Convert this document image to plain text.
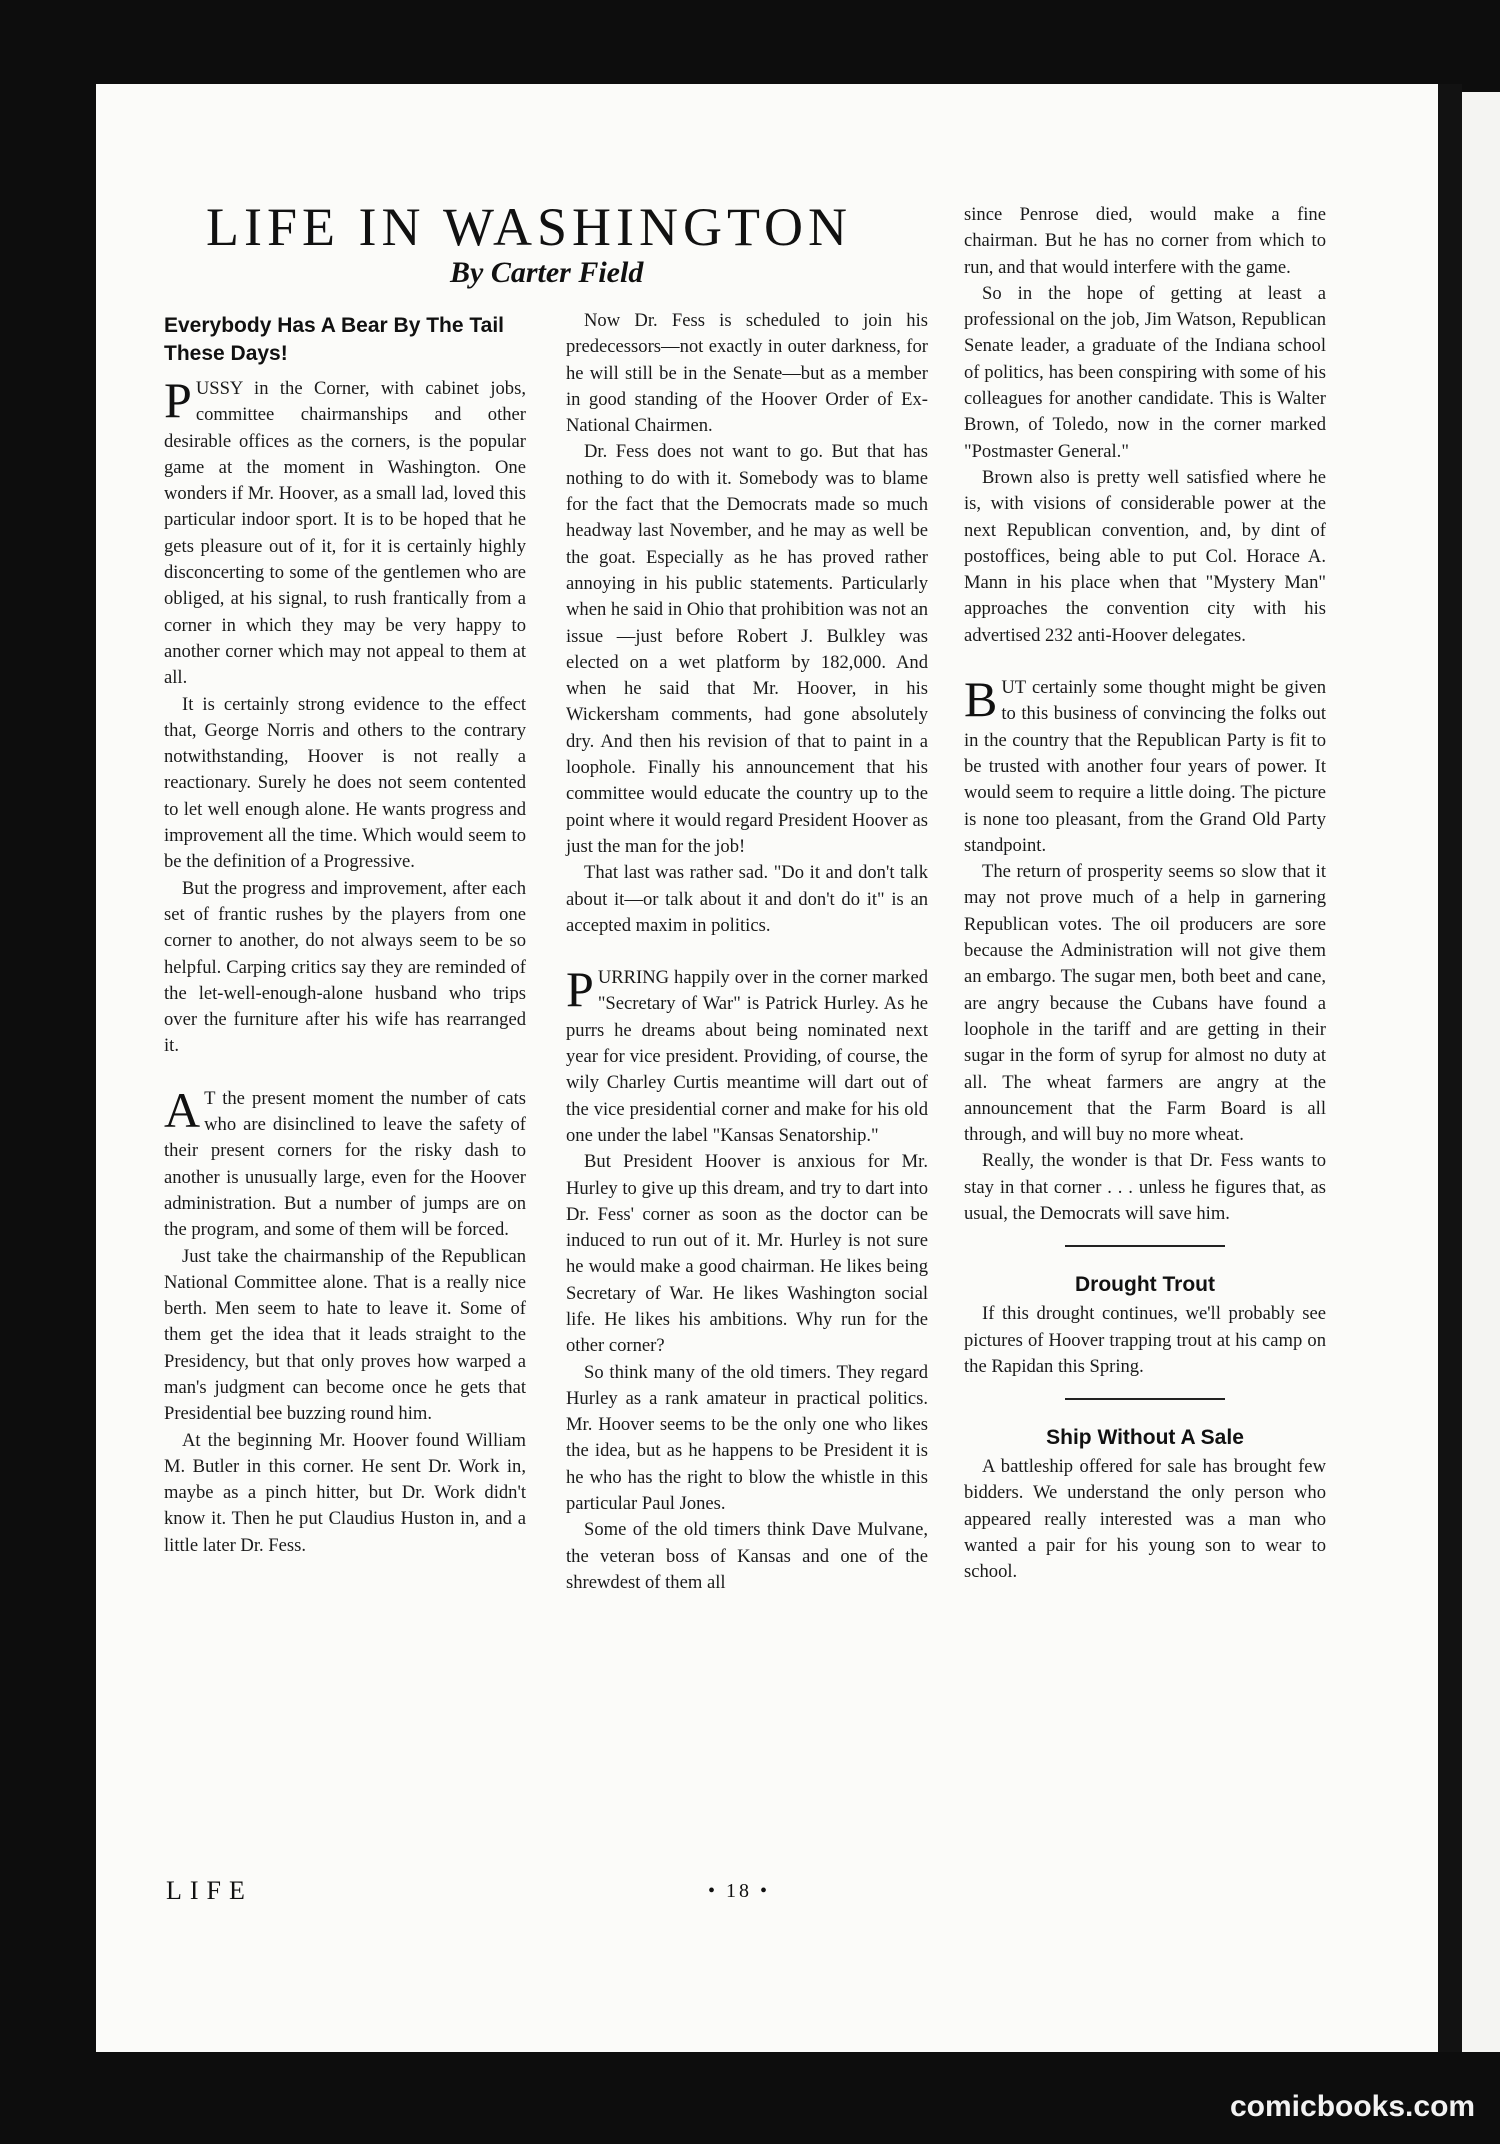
LIFE IN WASHINGTON
By Carter Field
Everybody Has A Bear By The Tail These Days!

PUSSY in the Corner, with cabinet jobs, committee chairmanships and other desirable offices as the corners, is the popular game at the moment in Washington. One wonders if Mr. Hoover, as a small lad, loved this particular indoor sport. It is to be hoped that he gets pleasure out of it, for it is certainly highly disconcerting to some of the gentlemen who are obliged, at his signal, to rush frantically from a corner in which they may be very happy to another corner which may not appeal to them at all.

It is certainly strong evidence to the effect that, George Norris and others to the contrary notwithstanding, Hoover is not really a reactionary. Surely he does not seem contented to let well enough alone. He wants progress and improvement all the time. Which would seem to be the definition of a Progressive.

But the progress and improvement, after each set of frantic rushes by the players from one corner to another, do not always seem to be so helpful. Carping critics say they are reminded of the let-well-enough-alone husband who trips over the furniture after his wife has rearranged it.

A T the present moment the number of cats who are disinclined to leave the safety of their present corners for the risky dash to another is unusually large, even for the Hoover administration. But a number of jumps are on the program, and some of them will be forced.

Just take the chairmanship of the Republican National Committee alone. That is a really nice berth. Men seem to hate to leave it. Some of them get the idea that it leads straight to the Presidency, but that only proves how warped a man's judgment can become once he gets that Presidential bee buzzing round him.

At the beginning Mr. Hoover found William M. Butler in this corner. He sent Dr. Work in, maybe as a pinch hitter, but Dr. Work didn't know it. Then he put Claudius Huston in, and a little later Dr. Fess.

Now Dr. Fess is scheduled to join his predecessors—not exactly in outer darkness, for he will still be in the Senate—but as a member in good standing of the Hoover Order of Ex-National Chairmen.

Dr. Fess does not want to go. But that has nothing to do with it. Somebody was to blame for the fact that the Democrats made so much headway last November, and he may as well be the goat. Especially as he has proved rather annoying in his public statements. Particularly when he said in Ohio that prohibition was not an issue —just before Robert J. Bulkley was elected on a wet platform by 182,000. And when he said that Mr. Hoover, in his Wickersham comments, had gone absolutely dry. And then his revision of that to paint in a loophole. Finally his announcement that his committee would educate the country up to the point where it would regard President Hoover as just the man for the job!

That last was rather sad. "Do it and don't talk about it—or talk about it and don't do it" is an accepted maxim in politics.

PURRING happily over in the corner marked "Secretary of War" is Patrick Hurley. As he purrs he dreams about being nominated next year for vice president. Providing, of course, the wily Charley Curtis meantime will dart out of the vice presidential corner and make for his old one under the label "Kansas Senatorship."

But President Hoover is anxious for Mr. Hurley to give up this dream, and try to dart into Dr. Fess' corner as soon as the doctor can be induced to run out of it. Mr. Hurley is not sure he would make a good chairman. He likes being Secretary of War. He likes Washington social life. He likes his ambitions. Why run for the other corner?

So think many of the old timers. They regard Hurley as a rank amateur in practical politics. Mr. Hoover seems to be the only one who likes the idea, but as he happens to be President it is he who has the right to blow the whistle in this particular Paul Jones.

Some of the old timers think Dave Mulvane, the veteran boss of Kansas and one of the shrewdest of them all

since Penrose died, would make a fine chairman. But he has no corner from which to run, and that would interfere with the game.

So in the hope of getting at least a professional on the job, Jim Watson, Republican Senate leader, a graduate of the Indiana school of politics, has been conspiring with some of his colleagues for another candidate. This is Walter Brown, of Toledo, now in the corner marked "Postmaster General."

Brown also is pretty well satisfied where he is, with visions of considerable power at the next Republican convention, and, by dint of postoffices, being able to put Col. Horace A. Mann in his place when that "Mystery Man" approaches the convention city with his advertised 232 anti-Hoover delegates.

BUT certainly some thought might be given to this business of convincing the folks out in the country that the Republican Party is fit to be trusted with another four years of power. It would seem to require a little doing. The picture is none too pleasant, from the Grand Old Party standpoint.

The return of prosperity seems so slow that it may not prove much of a help in garnering Republican votes. The oil producers are sore because the Administration will not give them an embargo. The sugar men, both beet and cane, are angry because the Cubans have found a loophole in the tariff and are getting in their sugar in the form of syrup for almost no duty at all. The wheat farmers are angry at the announcement that the Farm Board is all through, and will buy no more wheat.

Really, the wonder is that Dr. Fess wants to stay in that corner . . . unless he figures that, as usual, the Democrats will save him.

Drought Trout

If this drought continues, we'll probably see pictures of Hoover trapping trout at his camp on the Rapidan this Spring.

Ship Without A Sale

A battleship offered for sale has brought few bidders. We understand the only person who appeared really interested was a man who wanted a pair for his young son to wear to school.

LIFE	• 18 •
comicbooks.com
